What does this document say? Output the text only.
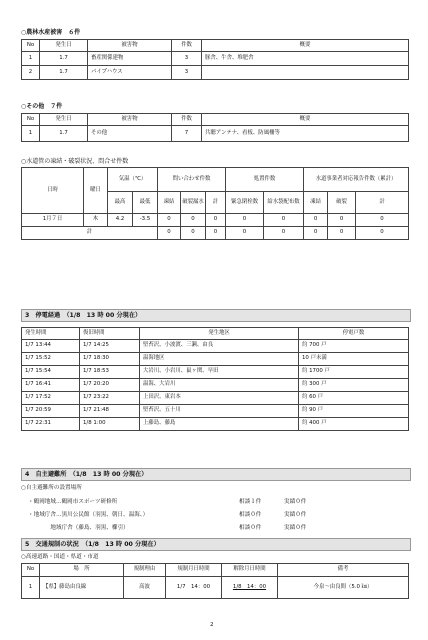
○農林水産被害　６件
No	発生日	被害物	件数	概要
1	1.7	畜産関係建物	3	豚舎、牛舎、堆肥舎
2	1.7	パイプハウス	3	
○その他　７件
No	発生日	被害物	件数	概要
1	1.7	その他	7	共聴アンテナ、看板、防風柵等
○水道管の凍結・破裂状況、問合せ件数
日時	曜日	気温（℃）		問い合わせ件数			処置件数		水道事業者対応報告件数（累計）		
		最高	最低	凍結	破裂漏水	計	緊急閉栓数	給水袋配布数	凍結	破裂	計
1月７日	木	4.2	-3.5	0	0	0	0	0	0	0	0
計				0	0	0	0	0	0	0	0
3　停電経過　（1/8　13 時 00 分現在）
発生時間	復旧時間	発生地区	停電戸数
1/7 13:44	1/7 14:25	堅苔沢、小波渡、三瀬、由良	約 700 戸
1/7 15:52	1/7 18:30	温海地区	10 戸未満
1/7 15:54	1/7 18:53	大岩川、小岩川、鼠ヶ関、早田	約 1700 戸
1/7 16:41	1/7 20:20	温海、大岩川	約 300 戸
1/7 17:52	1/7 23:22	上田沢、東岩本	約 60 戸
1/7 20:59	1/7 21:48	堅苔沢、五十川	約 90 戸
1/7 22:31	1/8 1:00	上藤島、藤島	約 400 戸
4　自主避難所　（1/8　13 時 00 分現在）
○自主避難所の設置場所
・鶴岡地域…鶴岡市スポーツ研修所	相談１件	実績０件
・地域庁舎…黒川公民館（羽黒、朝日、温海、）	相談０件	実績０件
　　　　地域庁舎（藤島、羽黒、櫛引）	相談０件	実績０件
5　交通規制の状況　（1/8　13 時 00 分現在）
○高速道路・国道・県道・市道
No	場　所	規制理由	規制月日時間	解除月日時間	備考
1	【県】藤島由良線	高波	1/7　14：00	1/8　14：00	今泉～由良間（5.0 ㎞）
2
